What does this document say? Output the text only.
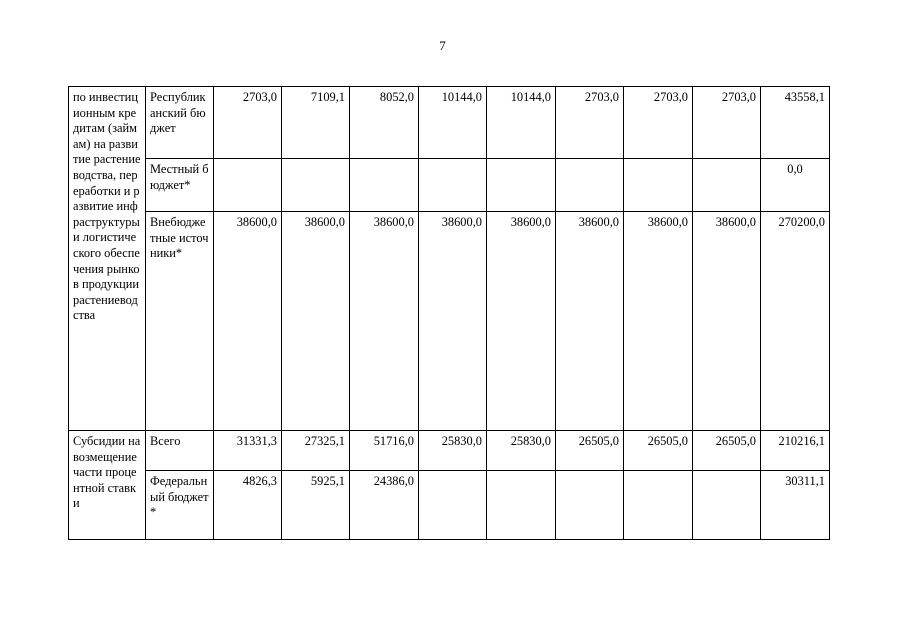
7
по инвестиционным кредитам (займам) на развитие растениеводства, переработки и развитие инфраструктуры и логистического обеспечения рынков продукции растениеводства	Республиканский бюджет	2703,0	7109,1	8052,0	10144,0	10144,0	2703,0	2703,0	2703,0	43558,1
	Местный бюджет*									0,0
	Внебюджетные источники*	38600,0	38600,0	38600,0	38600,0	38600,0	38600,0	38600,0	38600,0	270200,0
Субсидии на возмещение части процентной ставки	Всего	31331,3	27325,1	51716,0	25830,0	25830,0	26505,0	26505,0	26505,0	210216,1
	Федеральный бюджет *	4826,3	5925,1	24386,0						30311,1
